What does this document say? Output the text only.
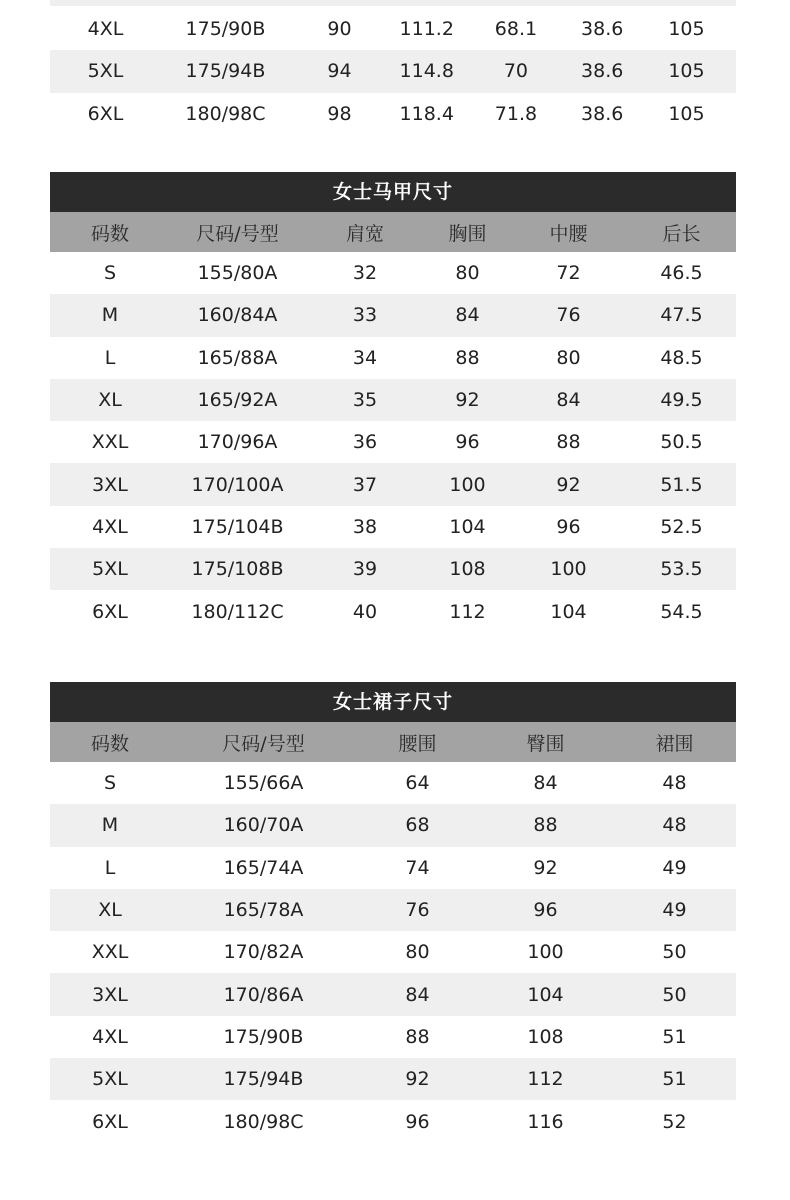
4XL	175/90B	90	111.2	68.1	38.6	105
5XL	175/94B	94	114.8	70	38.6	105
6XL	180/98C	98	118.4	71.8	38.6	105
女士马甲尺寸
码数	尺码/号型	肩宽	胸围	中腰	后长
S	155/80A	32	80	72	46.5
M	160/84A	33	84	76	47.5
L	165/88A	34	88	80	48.5
XL	165/92A	35	92	84	49.5
XXL	170/96A	36	96	88	50.5
3XL	170/100A	37	100	92	51.5
4XL	175/104B	38	104	96	52.5
5XL	175/108B	39	108	100	53.5
6XL	180/112C	40	112	104	54.5
女士裙子尺寸
码数	尺码/号型	腰围	臀围	裙围
S	155/66A	64	84	48
M	160/70A	68	88	48
L	165/74A	74	92	49
XL	165/78A	76	96	49
XXL	170/82A	80	100	50
3XL	170/86A	84	104	50
4XL	175/90B	88	108	51
5XL	175/94B	92	112	51
6XL	180/98C	96	116	52
